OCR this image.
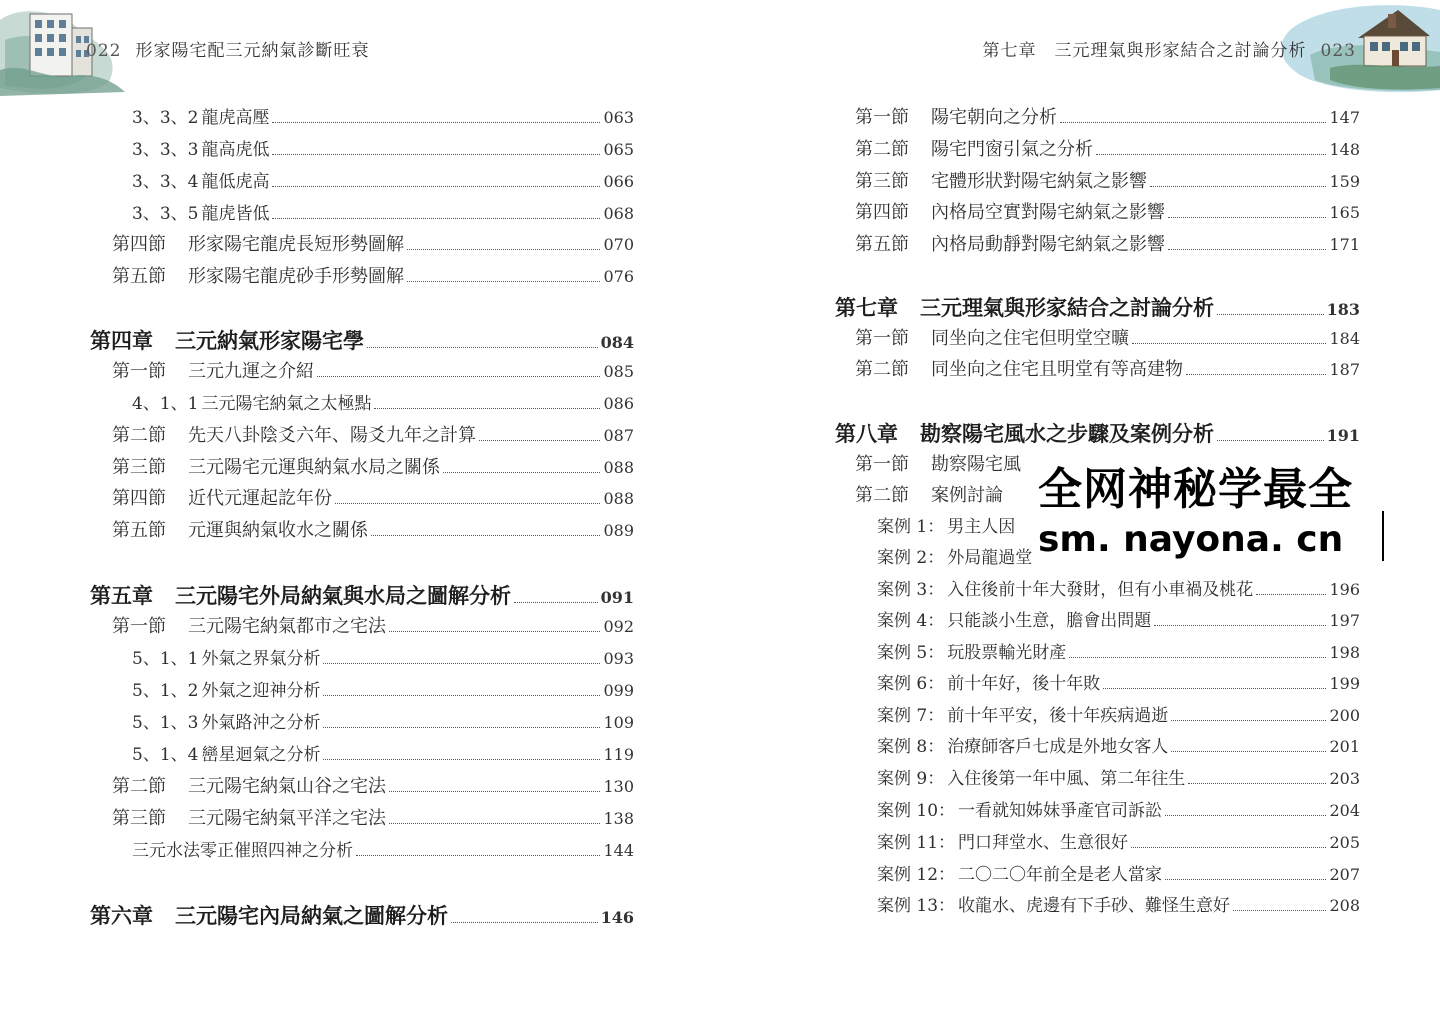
022 形家陽宅配三元納氣診斷旺衰
3、3、2 龍虎高壓	063
3、3、3 龍高虎低	065
3、3、4 龍低虎高	066
3、3、5 龍虎皆低	068
第四節 形家陽宅龍虎長短形勢圖解	070
第五節 形家陽宅龍虎砂手形勢圖解	076
第四章 三元納氣形家陽宅學	084
第一節 三元九運之介紹	085
4、1、1 三元陽宅納氣之太極點	086
第二節 先天八卦陰爻六年、陽爻九年之計算	087
第三節 三元陽宅元運與納氣水局之關係	088
第四節 近代元運起訖年份	088
第五節 元運與納氣收水之關係	089
第五章 三元陽宅外局納氣與水局之圖解分析	091
第一節 三元陽宅納氣都市之宅法	092
5、1、1 外氣之界氣分析	093
5、1、2 外氣之迎神分析	099
5、1、3 外氣路沖之分析	109
5、1、4 巒星迴氣之分析	119
第二節 三元陽宅納氣山谷之宅法	130
第三節 三元陽宅納氣平洋之宅法	138
三元水法零正催照四神之分析	144
第六章 三元陽宅內局納氣之圖解分析	146
第七章　三元理氣與形家結合之討論分析 023
第一節 陽宅朝向之分析	147
第二節 陽宅門窗引氣之分析	148
第三節 宅體形狀對陽宅納氣之影響	159
第四節 內格局空實對陽宅納氣之影響	165
第五節 內格局動靜對陽宅納氣之影響	171
第七章 三元理氣與形家結合之討論分析	183
第一節 同坐向之住宅但明堂空曠	184
第二節 同坐向之住宅且明堂有等高建物	187
第八章 勘察陽宅風水之步驟及案例分析	191
第一節 勘察陽宅風
第二節 案例討論
案例 1： 男主人因
案例 2： 外局龍過堂
案例 3： 入住後前十年大發財，但有小車禍及桃花	196
案例 4： 只能談小生意，膽會出問題	197
案例 5： 玩股票輸光財產	198
案例 6： 前十年好，後十年敗	199
案例 7： 前十年平安，後十年疾病過逝	200
案例 8： 治療師客戶七成是外地女客人	201
案例 9： 入住後第一年中風、第二年往生	203
案例 10： 一看就知姊妹爭產官司訴訟	204
案例 11： 門口拜堂水、生意很好	205
案例 12： 二〇二〇年前全是老人當家	207
案例 13： 收龍水、虎邊有下手砂、難怪生意好	208
全网神秘学最全
sm. nayona. cn
